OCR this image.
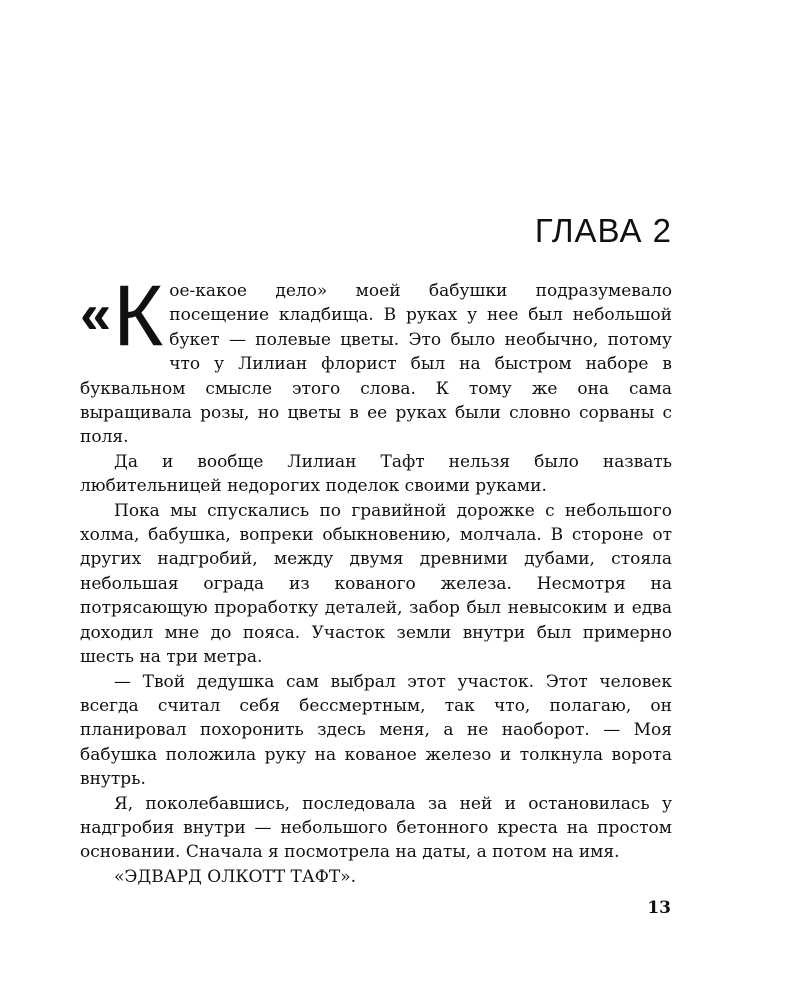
ГЛАВА 2

«К ое-какое дело» моей бабушки подразумевало посещение кладбища. В руках у нее был небольшой букет — полевые цветы. Это было необычно, потому что у Лилиан флорист был на быстром наборе в буквальном смысле этого слова. К тому же она сама выращивала розы, но цветы в ее руках были словно сорваны с поля.

Да и вообще Лилиан Тафт нельзя было назвать любительницей недорогих поделок своими руками.

Пока мы спускались по гравийной дорожке с небольшого холма, бабушка, вопреки обыкновению, молчала. В стороне от других надгробий, между двумя древними дубами, стояла небольшая ограда из кованого железа. Несмотря на потрясающую проработку деталей, забор был невысоким и едва доходил мне до пояса. Участок земли внутри был примерно шесть на три метра.

— Твой дедушка сам выбрал этот участок. Этот человек всегда считал себя бессмертным, так что, полагаю, он планировал похоронить здесь меня, а не наоборот. — Моя бабушка положила руку на кованое железо и толкнула ворота внутрь.

Я, поколебавшись, последовала за ней и остановилась у надгробия внутри — небольшого бетонного креста на простом основании. Сначала я посмотрела на даты, а потом на имя.

«ЭДВАРД ОЛКОТТ ТАФТ».

13
